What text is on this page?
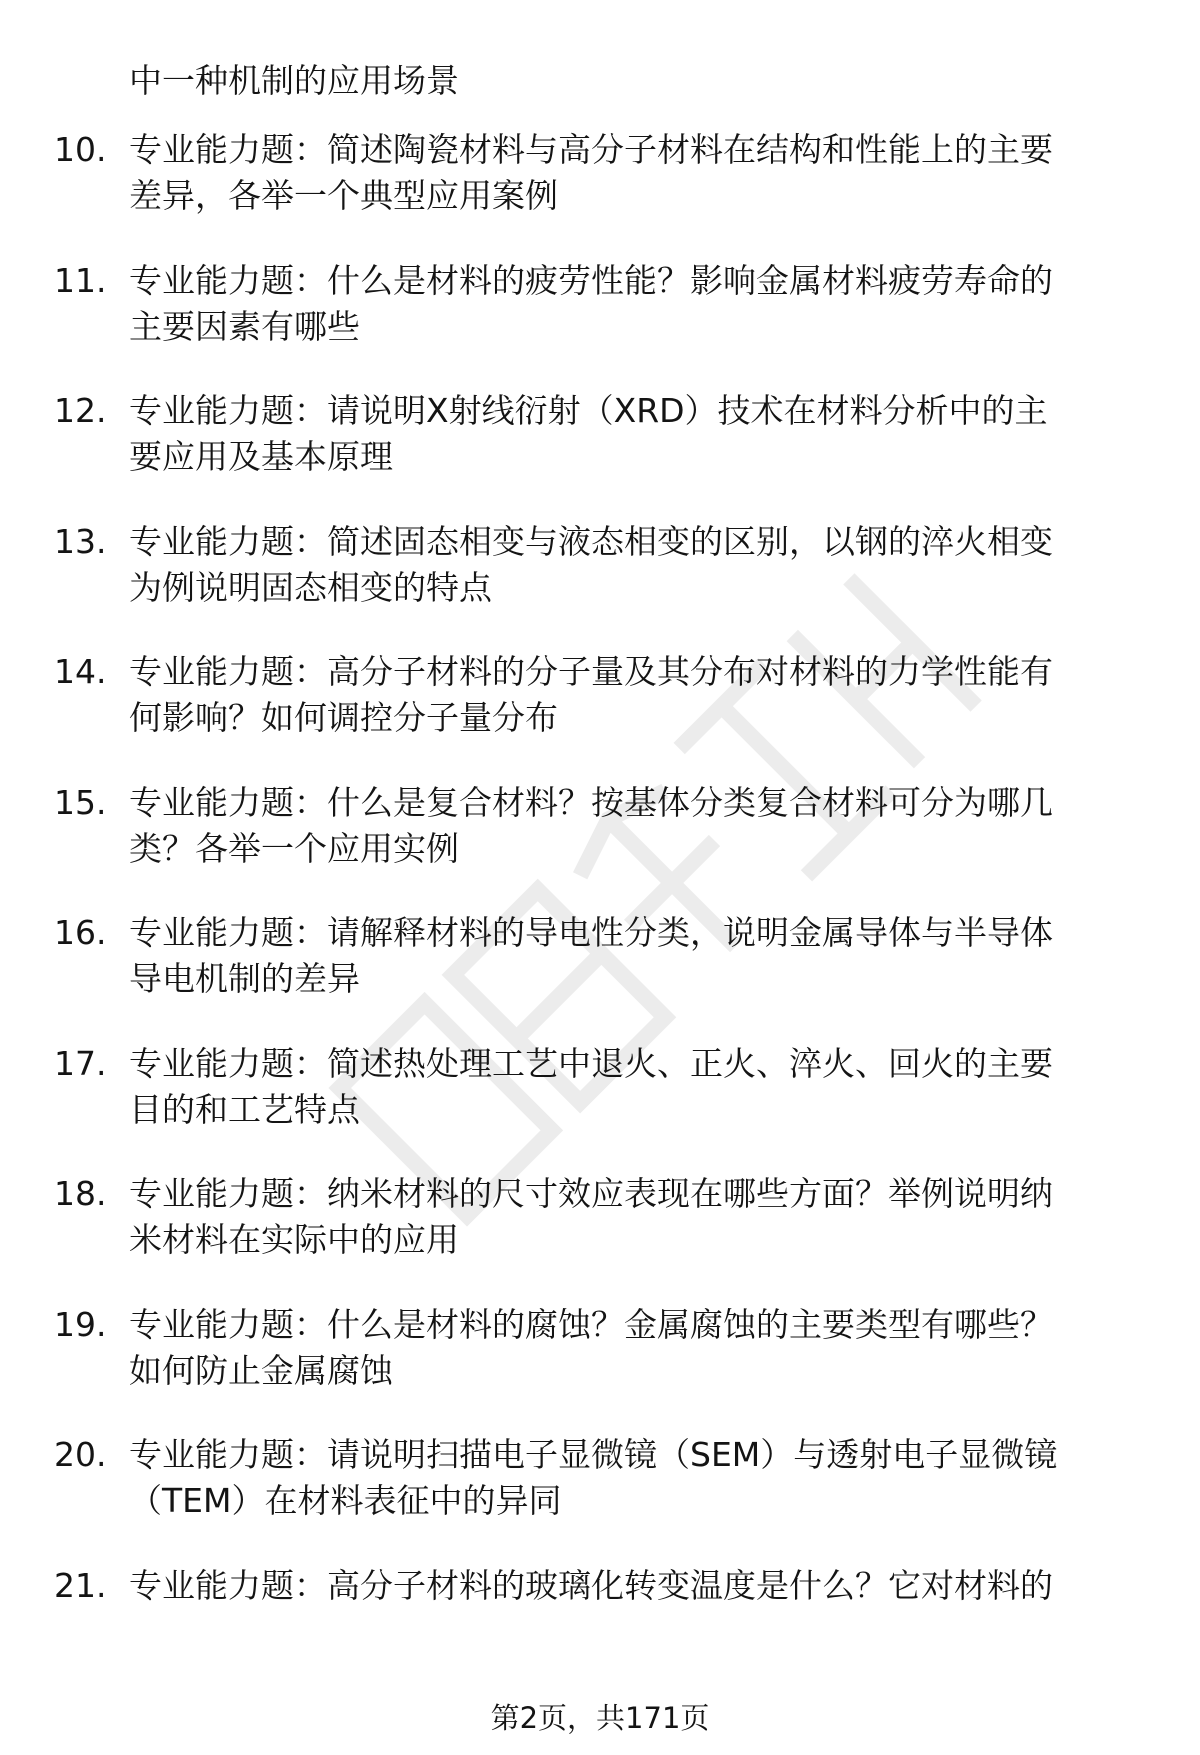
中一种机制的应用场景
10. 专业能力题：简述陶瓷材料与高分子材料在结构和性能上的主要
差异，各举一个典型应用案例
11. 专业能力题：什么是材料的疲劳性能？影响金属材料疲劳寿命的
主要因素有哪些
12. 专业能力题：请说明X射线衍射（XRD）技术在材料分析中的主
要应用及基本原理
13. 专业能力题：简述固态相变与液态相变的区别，以钢的淬火相变
为例说明固态相变的特点
14. 专业能力题：高分子材料的分子量及其分布对材料的力学性能有
何影响？如何调控分子量分布
15. 专业能力题：什么是复合材料？按基体分类复合材料可分为哪几
类？各举一个应用实例
16. 专业能力题：请解释材料的导电性分类，说明金属导体与半导体
导电机制的差异
17. 专业能力题：简述热处理工艺中退火、正火、淬火、回火的主要
目的和工艺特点
18. 专业能力题：纳米材料的尺寸效应表现在哪些方面？举例说明纳
米材料在实际中的应用
19. 专业能力题：什么是材料的腐蚀？金属腐蚀的主要类型有哪些？
如何防止金属腐蚀
20. 专业能力题：请说明扫描电子显微镜（SEM）与透射电子显微镜
（TEM）在材料表征中的异同
21. 专业能力题：高分子材料的玻璃化转变温度是什么？它对材料的
第2页，共171页
